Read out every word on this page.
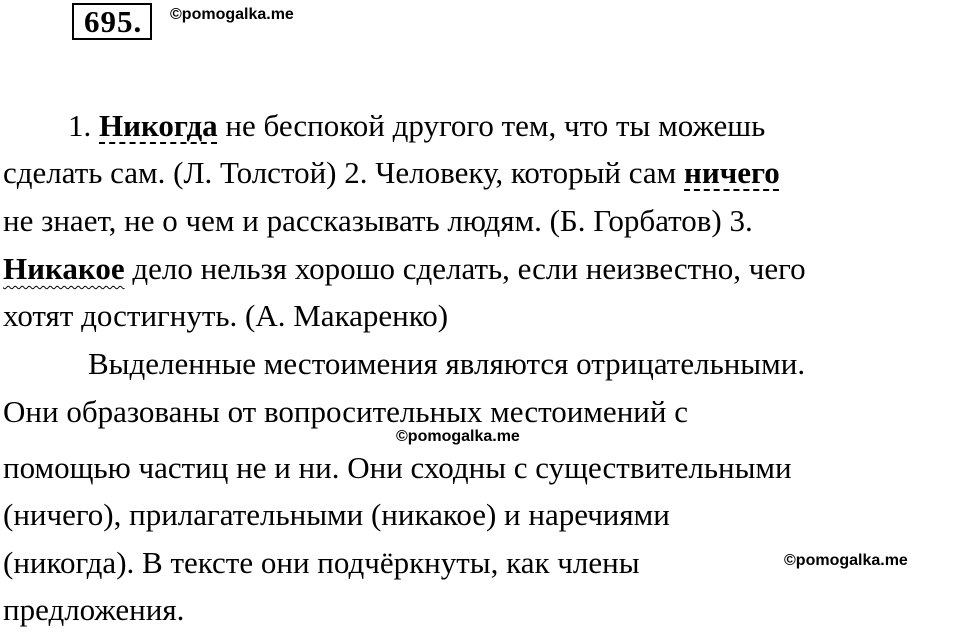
695.	©pomogalka.me
1. Никогда не беспокой другого тем, что ты можешь
сделать сам. (Л. Толстой) 2. Человеку, который сам ничего
не знает, не о чем и рассказывать людям. (Б. Горбатов) 3.
Никакое дело нельзя хорошо сделать, если неизвестно, чего
хотят достигнуть. (А. Макаренко)
Выделенные местоимения являются отрицательными.
Они образованы от вопросительных местоимений с
помощью частиц не и ни. Они сходны с существительными
(ничего), прилагательными (никакое) и наречиями
(никогда). В тексте они подчёркнуты, как члены
предложения.
©pomogalka.me
©pomogalka.me
